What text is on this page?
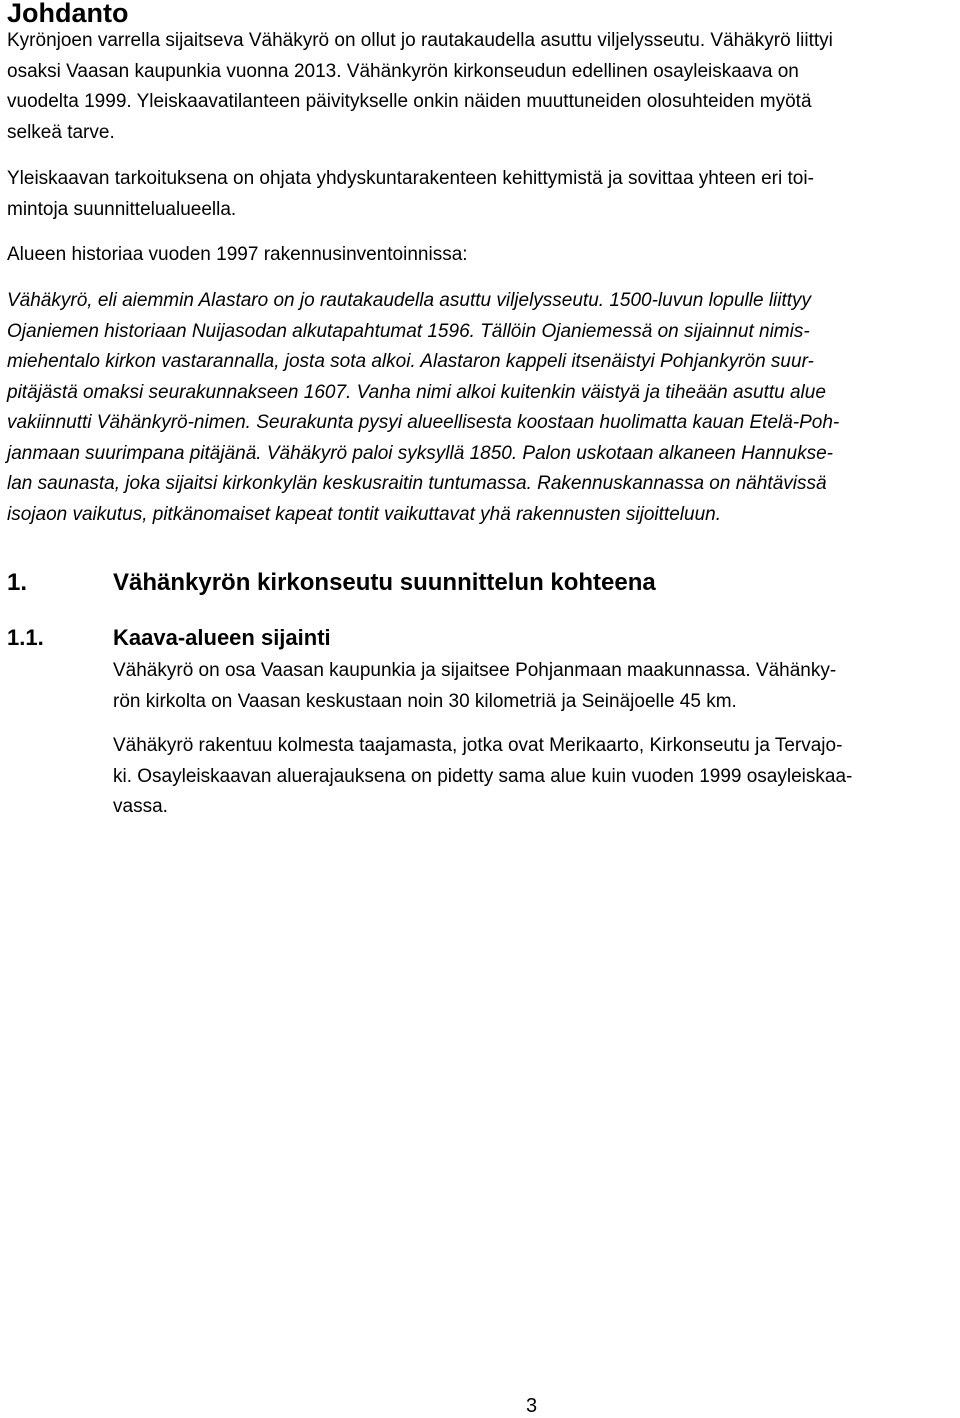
Johdanto

Kyrönjoen varrella sijaitseva Vähäkyrö on ollut jo rautakaudella asuttu viljelysseutu. Vähäkyrö liittyi
osaksi Vaasan kaupunkia vuonna 2013. Vähänkyrön kirkonseudun edellinen osayleiskaava on
vuodelta 1999. Yleiskaavatilanteen päivitykselle onkin näiden muuttuneiden olosuhteiden myötä
selkeä tarve.

Yleiskaavan tarkoituksena on ohjata yhdyskuntarakenteen kehittymistä ja sovittaa yhteen eri toi-
mintoja suunnittelualueella.

Alueen historiaa vuoden 1997 rakennusinventoinnissa:

Vähäkyrö, eli aiemmin Alastaro on jo rautakaudella asuttu viljelysseutu. 1500-luvun lopulle liittyy
Ojaniemen historiaan Nuijasodan alkutapahtumat 1596. Tällöin Ojaniemessä on sijainnut nimis-
miehentalo kirkon vastarannalla, josta sota alkoi. Alastaron kappeli itsenäistyi Pohjankyrön suur-
pitäjästä omaksi seurakunnakseen 1607. Vanha nimi alkoi kuitenkin väistyä ja tiheään asuttu alue
vakiinnutti Vähänkyrö-nimen. Seurakunta pysyi alueellisesta koostaan huolimatta kauan Etelä-Poh-
janmaan suurimpana pitäjänä. Vähäkyrö paloi syksyllä 1850. Palon uskotaan alkaneen Hannukse-
lan saunasta, joka sijaitsi kirkonkylän keskusraitin tuntumassa. Rakennuskannassa on nähtävissä
isojaon vaikutus, pitkänomaiset kapeat tontit vaikuttavat yhä rakennusten sijoitteluun.

1.	Vähänkyrön kirkonseutu suunnittelun kohteena
1.1.	Kaava-alueen sijainti

Vähäkyrö on osa Vaasan kaupunkia ja sijaitsee Pohjanmaan maakunnassa. Vähänky-
rön kirkolta on Vaasan keskustaan noin 30 kilometriä ja Seinäjoelle 45 km.

Vähäkyrö rakentuu kolmesta taajamasta, jotka ovat Merikaarto, Kirkonseutu ja Tervajo-
ki. Osayleiskaavan aluerajauksena on pidetty sama alue kuin vuoden 1999 osayleiskaa-
vassa.

3
